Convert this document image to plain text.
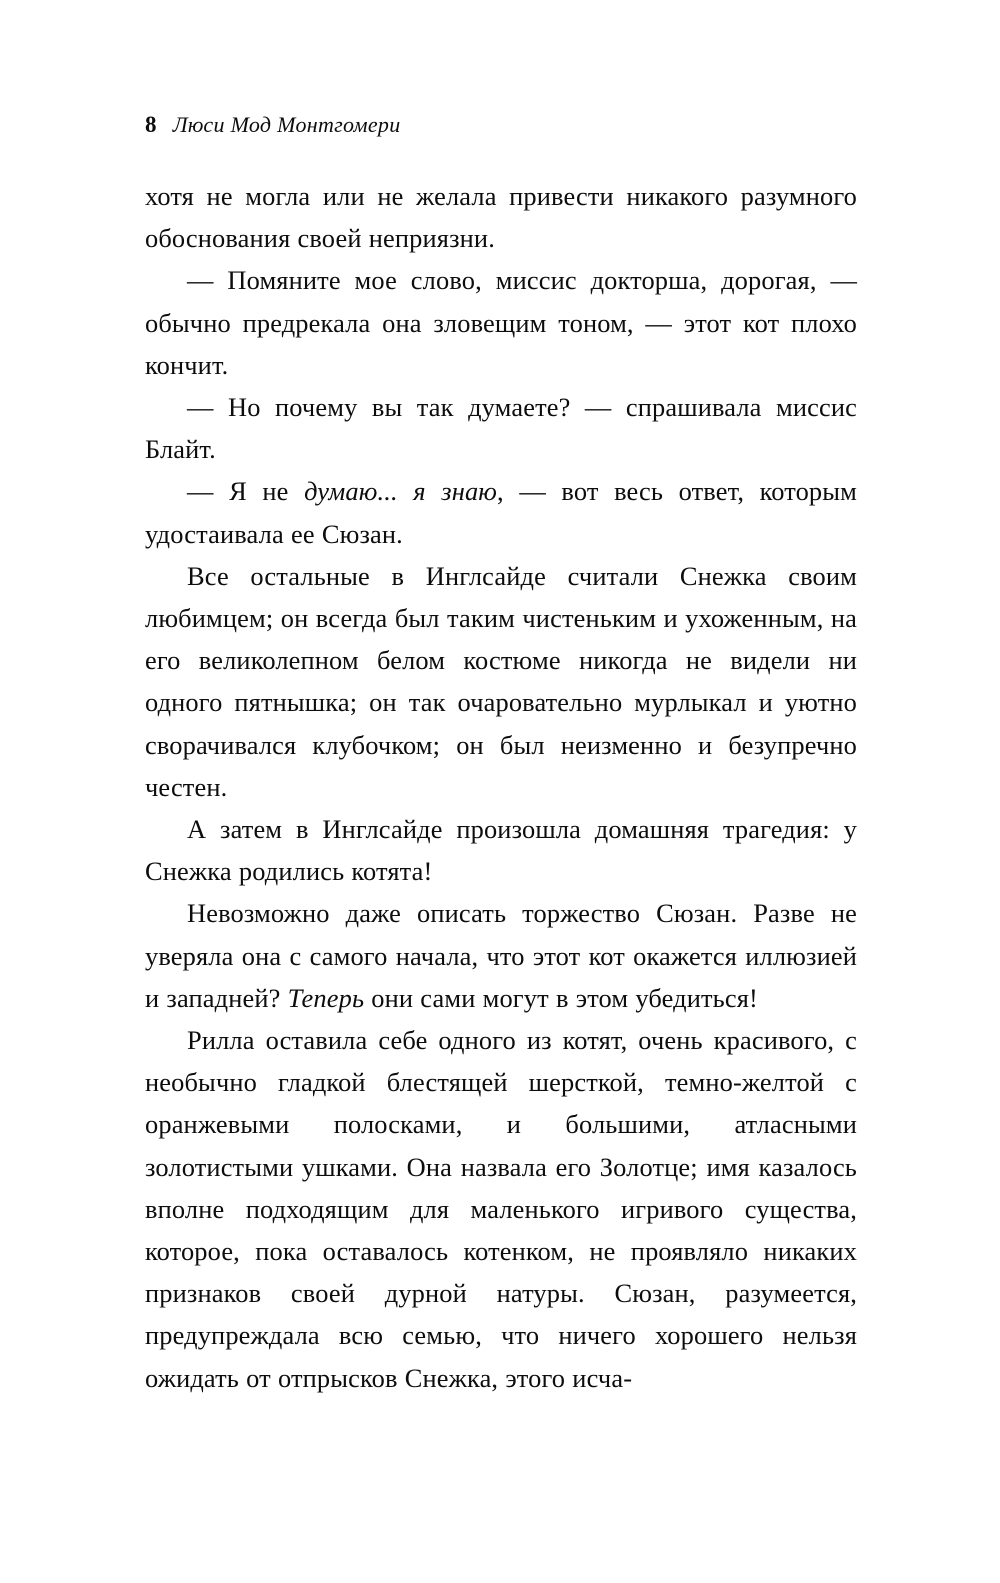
8 Люси Мод Монтгомери

хотя не могла или не желала привести никакого разумного обоснования своей неприязни.

— Помяните мое слово, миссис докторша, дорогая, — обычно предрекала она зловещим тоном, — этот кот плохо кончит.

— Но почему вы так думаете? — спрашивала миссис Блайт.

— Я не думаю... я знаю, — вот весь ответ, которым удостаивала ее Сюзан.

Все остальные в Инглсайде считали Снежка своим любимцем; он всегда был таким чистеньким и ухоженным, на его великолепном белом костюме никогда не видели ни одного пятнышка; он так очаровательно мурлыкал и уютно сворачивался клубочком; он был неизменно и безупречно честен.

А затем в Инглсайде произошла домашняя трагедия: у Снежка родились котята!

Невозможно даже описать торжество Сюзан. Разве не уверяла она с самого начала, что этот кот окажется иллюзией и западней? Теперь они сами могут в этом убедиться!

Рилла оставила себе одного из котят, очень красивого, с необычно гладкой блестящей шерсткой, темно-желтой с оранжевыми полосками, и большими, атласными золотистыми ушками. Она назвала его Золотце; имя казалось вполне подходящим для маленького игривого существа, которое, пока оставалось котенком, не проявляло никаких признаков своей дурной натуры. Сюзан, разумеется, предупреждала всю семью, что ничего хорошего нельзя ожидать от отпрысков Снежка, этого исча-
